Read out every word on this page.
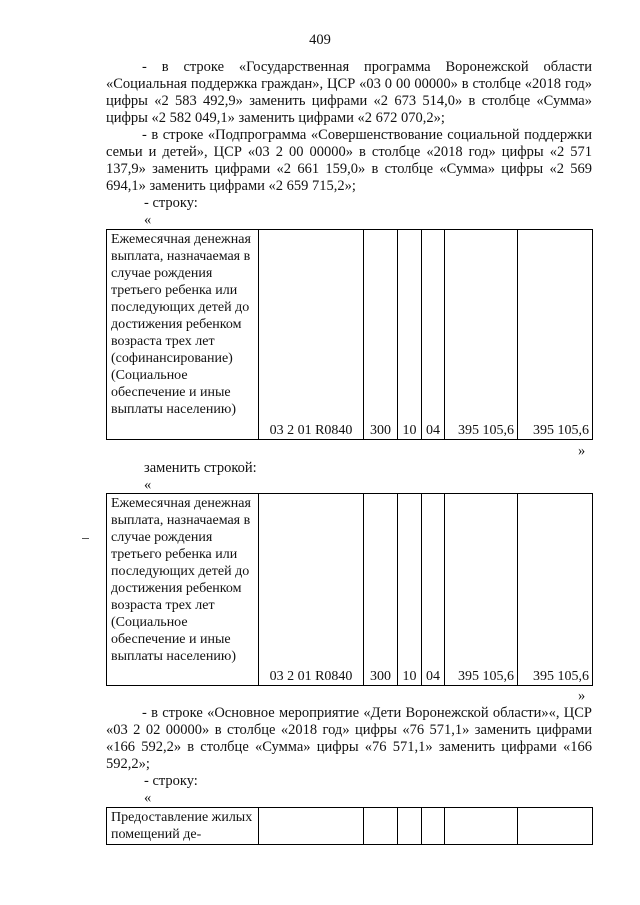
409
- в строке «Государственная программа Воронежской области «Социальная поддержка граждан», ЦСР «03 0 00 00000» в столбце «2018 год» цифры «2 583 492,9» заменить цифрами «2 673 514,0» в столбце «Сумма» цифры «2 582 049,1» заменить цифрами «2 672 070,2»;
- в строке «Подпрограмма «Совершенствование социальной поддержки семьи и детей», ЦСР «03 2 00 00000» в столбце «2018 год» цифры «2 571 137,9» заменить цифрами «2 661 159,0» в столбце «Сумма» цифры «2 569 694,1» заменить цифрами «2 659 715,2»;
- строку:
«
Ежемесячная денежная выплата, назначаемая в случае рождения третьего ребенка или последующих детей до достижения ребенком возраста трех лет (софинансирование) (Социальное обеспечение и иные выплаты населению)	03 2 01 R0840	300	10	04	395 105,6	395 105,6
»
заменить строкой:
«
Ежемесячная денежная выплата, назначаемая в случае рождения третьего ребенка или последующих детей до достижения ребенком возраста трех лет (Социальное обеспечение и иные выплаты населению)	03 2 01 R0840	300	10	04	395 105,6	395 105,6
»
- в строке «Основное мероприятие «Дети Воронежской области»«, ЦСР «03 2 02 00000» в столбце «2018 год» цифры «76 571,1» заменить цифрами «166 592,2» в столбце «Сумма» цифры «76 571,1» заменить цифрами «166 592,2»;
- строку:
«
Предоставление жилых помещений де-						
